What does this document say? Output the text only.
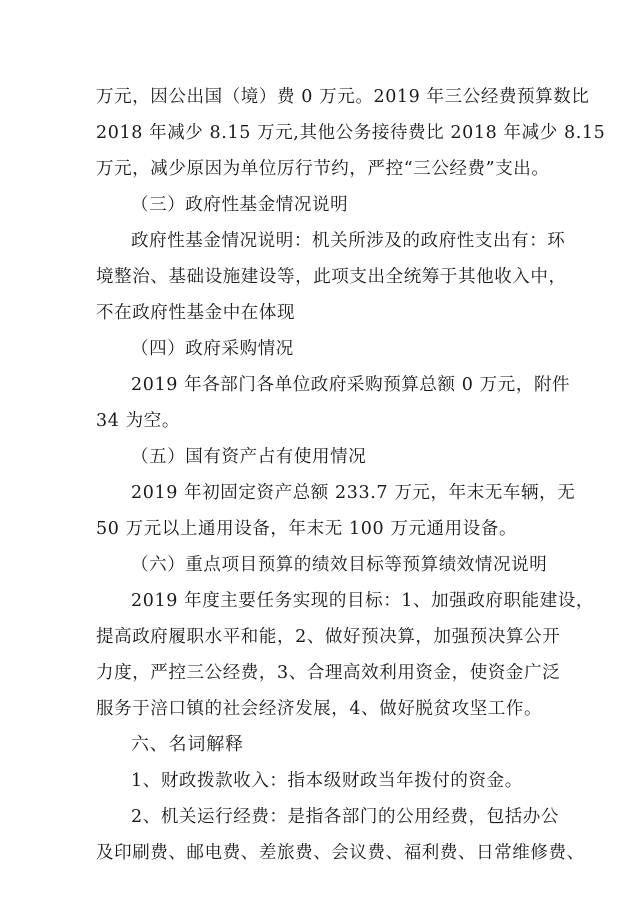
万元，因公出国（境）费 0 万元。2019 年三公经费预算数比
2018 年减少 8.15 万元,其他公务接待费比 2018 年减少 8.15
万元，减少原因为单位厉行节约，严控“三公经费”支出。
（三）政府性基金情况说明
政府性基金情况说明：机关所涉及的政府性支出有：环
境整治、基础设施建设等，此项支出全统筹于其他收入中，
不在政府性基金中在体现
（四）政府采购情况
2019 年各部门各单位政府采购预算总额 0 万元，附件
34 为空。
（五）国有资产占有使用情况
2019 年初固定资产总额 233.7 万元，年末无车辆，无
50 万元以上通用设备，年末无 100 万元通用设备。
（六）重点项目预算的绩效目标等预算绩效情况说明
2019 年度主要任务实现的目标：1、加强政府职能建设，
提高政府履职水平和能，2、做好预决算，加强预决算公开
力度，严控三公经费，3、合理高效利用资金，使资金广泛
服务于涪口镇的社会经济发展，4、做好脱贫攻坚工作。
六、名词解释
1、财政拨款收入：指本级财政当年拨付的资金。
2、机关运行经费：是指各部门的公用经费，包括办公
及印刷费、邮电费、差旅费、会议费、福利费、日常维修费、
